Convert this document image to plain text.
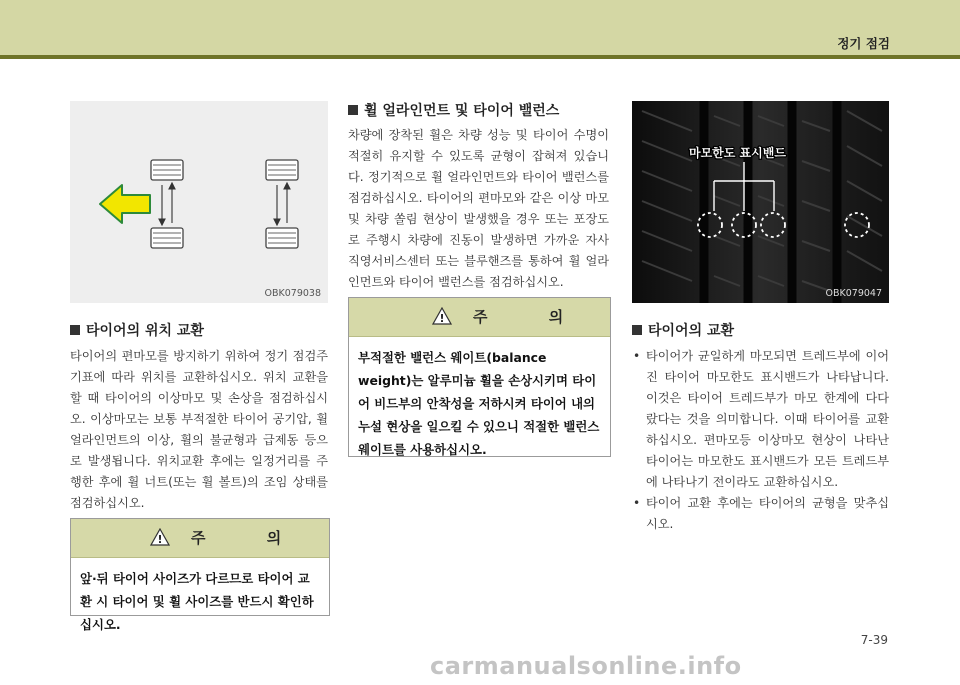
정기 점검
OBK079038
타이어의 위치 교환
타이어의 편마모를 방지하기 위하여 정기 점검주기표에 따라 위치를 교환하십시오. 위치 교환을 할 때 타이어의 이상마모 및 손상을 점검하십시오. 이상마모는 보통 부적절한 타이어 공기압, 휠 얼라인먼트의 이상, 휠의 불균형과 급제동 등으로 발생됩니다. 위치교환 후에는 일정거리를 주행한 후에 휠 너트(또는 휠 볼트)의 조임 상태를 점검하십시오.
! 주 의
앞·뒤 타이어 사이즈가 다르므로 타이어 교환 시 타이어 및 휠 사이즈를 반드시 확인하십시오.
휠 얼라인먼트 및 타이어 밸런스
차량에 장착된 휠은 차량 성능 및 타이어 수명이 적절히 유지할 수 있도록 균형이 잡혀져 있습니다. 정기적으로 휠 얼라인먼트와 타이어 밸런스를 점검하십시오. 타이어의 편마모와 같은 이상 마모 및 차량 쏠림 현상이 발생했을 경우 또는 포장도로 주행시 차량에 진동이 발생하면 가까운 자사 직영서비스센터 또는 블루핸즈를 통하여 휠 얼라인먼트와 타이어 밸런스를 점검하십시오.
! 주 의
부적절한 밸런스 웨이트(balance weight)는 알루미늄 휠을 손상시키며 타이어 비드부의 안착성을 저하시켜 타이어 내의 누설 현상을 일으킬 수 있으니 적절한 밸런스 웨이트를 사용하십시오.
마모한도 표시밴드
OBK079047
타이어의 교환
• 타이어가 균일하게 마모되면 트레드부에 이어진 타이어 마모한도 표시밴드가 나타납니다. 이것은 타이어 트레드부가 마모 한계에 다다랐다는 것을 의미합니다. 이때 타이어를 교환하십시오. 편마모등 이상마모 현상이 나타난 타이어는 마모한도 표시밴드가 모든 트레드부에 나타나기 전이라도 교환하십시오.
• 타이어 교환 후에는 타이어의 균형을 맞추십시오.
7-39
carmanualsonline.info
